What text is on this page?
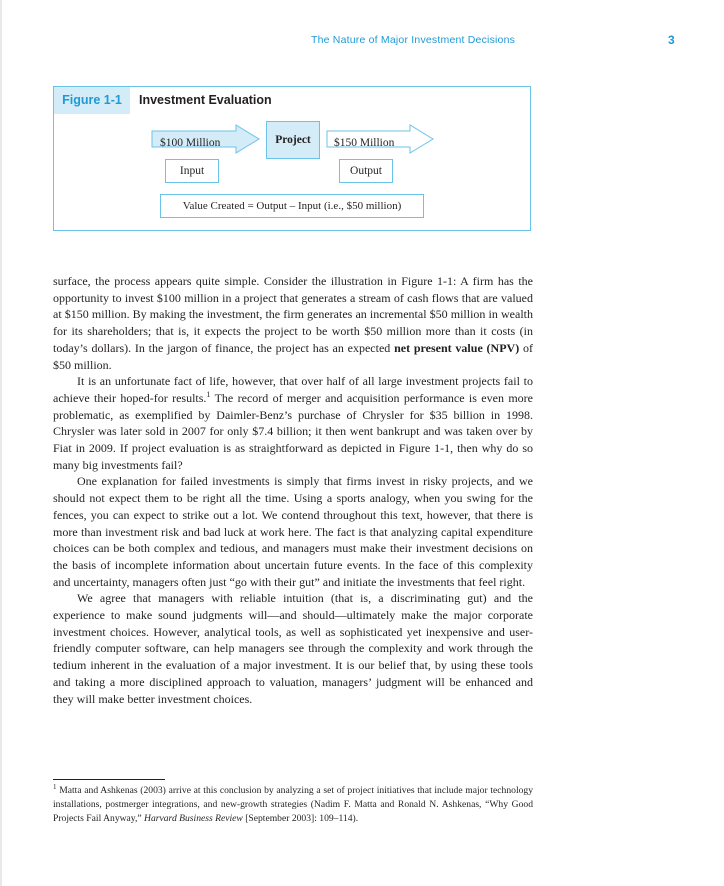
The Nature of Major Investment Decisions	3
Figure 1-1	Investment Evaluation
$100 Million	Project	$150 Million
Input	Output
Value Created = Output – Input (i.e., $50 million)

surface, the process appears quite simple. Consider the illustration in Figure 1-1: A firm has the opportunity to invest $100 million in a project that generates a stream of cash flows that are valued at $150 million. By making the investment, the firm generates an incremental $50 million in wealth for its shareholders; that is, it expects the project to be worth $50 million more than it costs (in today’s dollars). In the jargon of finance, the project has an expected net present value (NPV) of $50 million.

It is an unfortunate fact of life, however, that over half of all large investment projects fail to achieve their hoped-for results.$^1$ The record of merger and acquisition performance is even more problematic, as exemplified by Daimler-Benz’s purchase of Chrysler for $35 billion in 1998. Chrysler was later sold in 2007 for only $7.4 billion; it then went bankrupt and was taken over by Fiat in 2009. If project evaluation is as straightforward as depicted in Figure 1-1, then why do so many big investments fail?

One explanation for failed investments is simply that firms invest in risky projects, and we should not expect them to be right all the time. Using a sports analogy, when you swing for the fences, you can expect to strike out a lot. We contend throughout this text, however, that there is more than investment risk and bad luck at work here. The fact is that analyzing capital expenditure choices can be both complex and tedious, and managers must make their investment decisions on the basis of incomplete information about uncertain future events. In the face of this complexity and uncertainty, managers often just “go with their gut” and initiate the investments that feel right.

We agree that managers with reliable intuition (that is, a discriminating gut) and the experience to make sound judgments will—and should—ultimately make the major corporate investment choices. However, analytical tools, as well as sophisticated yet inexpensive and user-friendly computer software, can help managers see through the complexity and work through the tedium inherent in the evaluation of a major investment. It is our belief that, by using these tools and taking a more disciplined approach to valuation, managers’ judgment will be enhanced and they will make better investment choices.

$^1$ Matta and Ashkenas (2003) arrive at this conclusion by analyzing a set of project initiatives that include major technology installations, postmerger integrations, and new-growth strategies (Nadim F. Matta and Ronald N. Ashkenas, “Why Good Projects Fail Anyway,” Harvard Business Review [September 2003]: 109–114).
